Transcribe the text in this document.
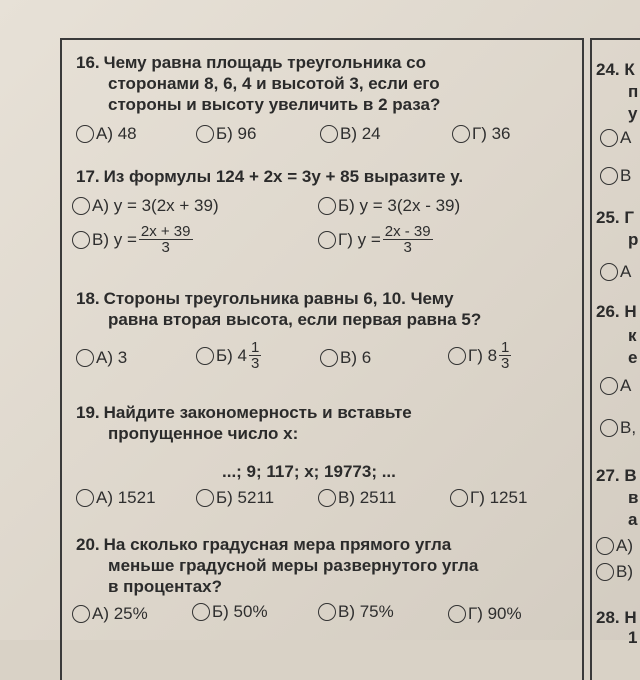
16. Чему равна площадь треугольника со
сторонами 8, 6, 4 и высотой 3, если его
стороны и высоту увеличить в 2 раза?
А) 48	Б) 96	В) 24	Г) 36
17. Из формулы 124 + 2x = 3y + 85 выразите y.
А) y = 3(2x + 39)	Б) y = 3(2x - 39)
В) $y = \frac{2x + 39}{3}$	Г) $y = \frac{2x - 39}{3}$
18. Стороны треугольника равны 6, 10. Чему
равна вторая высота, если первая равна 5?
А) 3	Б) $4 \frac{1}{3}$	В) 6	Г) $8 \frac{1}{3}$
19. Найдите закономерность и вставьте
пропущенное число x:
...; 9; 117; x; 19773; ...
А) 1521	Б) 5211	В) 2511	Г) 1251
20. На сколько градусная мера прямого угла
меньше градусной меры развернутого угла
в процентах?
А) 25%	Б) 50%	В) 75%	Г) 90%
24. К
п
у
А
В
25. Г
р
А
26. Н
к
е
А
В,
27. В
в
а
А)
В)
28. Н
1
